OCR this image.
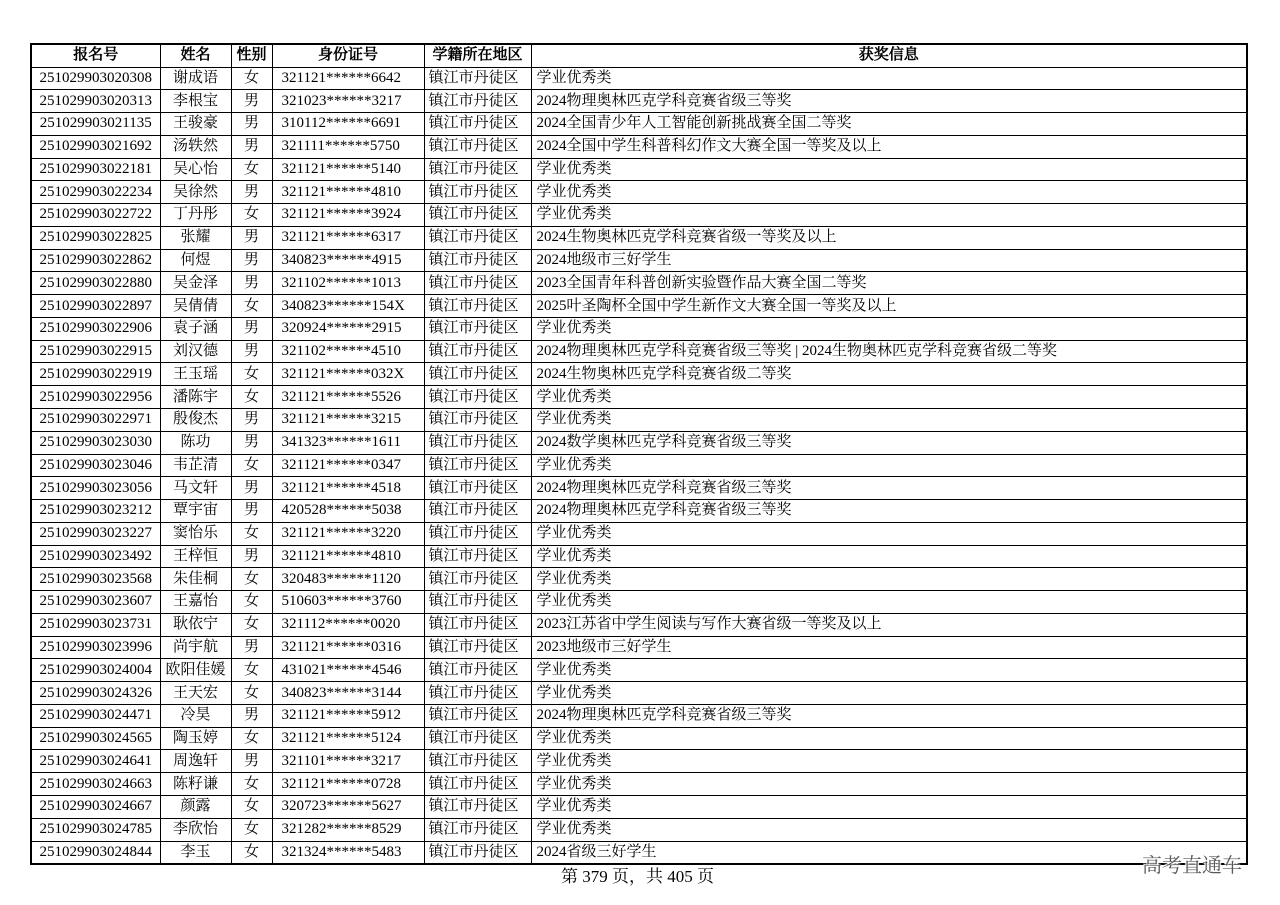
报名号	姓名	性别	身份证号	学籍所在地区	获奖信息
251029903020308	谢成语	女	321121******6642	镇江市丹徒区	学业优秀类
251029903020313	李根宝	男	321023******3217	镇江市丹徒区	2024物理奥林匹克学科竞赛省级三等奖
251029903021135	王骏豪	男	310112******6691	镇江市丹徒区	2024全国青少年人工智能创新挑战赛全国二等奖
251029903021692	汤轶然	男	321111******5750	镇江市丹徒区	2024全国中学生科普科幻作文大赛全国一等奖及以上
251029903022181	吴心怡	女	321121******5140	镇江市丹徒区	学业优秀类
251029903022234	吴徐然	男	321121******4810	镇江市丹徒区	学业优秀类
251029903022722	丁丹彤	女	321121******3924	镇江市丹徒区	学业优秀类
251029903022825	张耀	男	321121******6317	镇江市丹徒区	2024生物奥林匹克学科竞赛省级一等奖及以上
251029903022862	何煜	男	340823******4915	镇江市丹徒区	2024地级市三好学生
251029903022880	吴金泽	男	321102******1013	镇江市丹徒区	2023全国青年科普创新实验暨作品大赛全国二等奖
251029903022897	吴倩倩	女	340823******154X	镇江市丹徒区	2025叶圣陶杯全国中学生新作文大赛全国一等奖及以上
251029903022906	袁子涵	男	320924******2915	镇江市丹徒区	学业优秀类
251029903022915	刘汉德	男	321102******4510	镇江市丹徒区	2024物理奥林匹克学科竞赛省级三等奖 | 2024生物奥林匹克学科竞赛省级二等奖
251029903022919	王玉瑶	女	321121******032X	镇江市丹徒区	2024生物奥林匹克学科竞赛省级二等奖
251029903022956	潘陈宇	女	321121******5526	镇江市丹徒区	学业优秀类
251029903022971	殷俊杰	男	321121******3215	镇江市丹徒区	学业优秀类
251029903023030	陈功	男	341323******1611	镇江市丹徒区	2024数学奥林匹克学科竞赛省级三等奖
251029903023046	韦芷清	女	321121******0347	镇江市丹徒区	学业优秀类
251029903023056	马文轩	男	321121******4518	镇江市丹徒区	2024物理奥林匹克学科竞赛省级三等奖
251029903023212	覃宇宙	男	420528******5038	镇江市丹徒区	2024物理奥林匹克学科竞赛省级三等奖
251029903023227	窦怡乐	女	321121******3220	镇江市丹徒区	学业优秀类
251029903023492	王梓恒	男	321121******4810	镇江市丹徒区	学业优秀类
251029903023568	朱佳桐	女	320483******1120	镇江市丹徒区	学业优秀类
251029903023607	王嘉怡	女	510603******3760	镇江市丹徒区	学业优秀类
251029903023731	耿依宁	女	321112******0020	镇江市丹徒区	2023江苏省中学生阅读与写作大赛省级一等奖及以上
251029903023996	尚宇航	男	321121******0316	镇江市丹徒区	2023地级市三好学生
251029903024004	欧阳佳媛	女	431021******4546	镇江市丹徒区	学业优秀类
251029903024326	王天宏	女	340823******3144	镇江市丹徒区	学业优秀类
251029903024471	冷昊	男	321121******5912	镇江市丹徒区	2024物理奥林匹克学科竞赛省级三等奖
251029903024565	陶玉婷	女	321121******5124	镇江市丹徒区	学业优秀类
251029903024641	周逸轩	男	321101******3217	镇江市丹徒区	学业优秀类
251029903024663	陈籽谦	女	321121******0728	镇江市丹徒区	学业优秀类
251029903024667	颜露	女	320723******5627	镇江市丹徒区	学业优秀类
251029903024785	李欣怡	女	321282******8529	镇江市丹徒区	学业优秀类
251029903024844	李玉	女	321324******5483	镇江市丹徒区	2024省级三好学生
第 379 页，共 405 页	高考直通车
